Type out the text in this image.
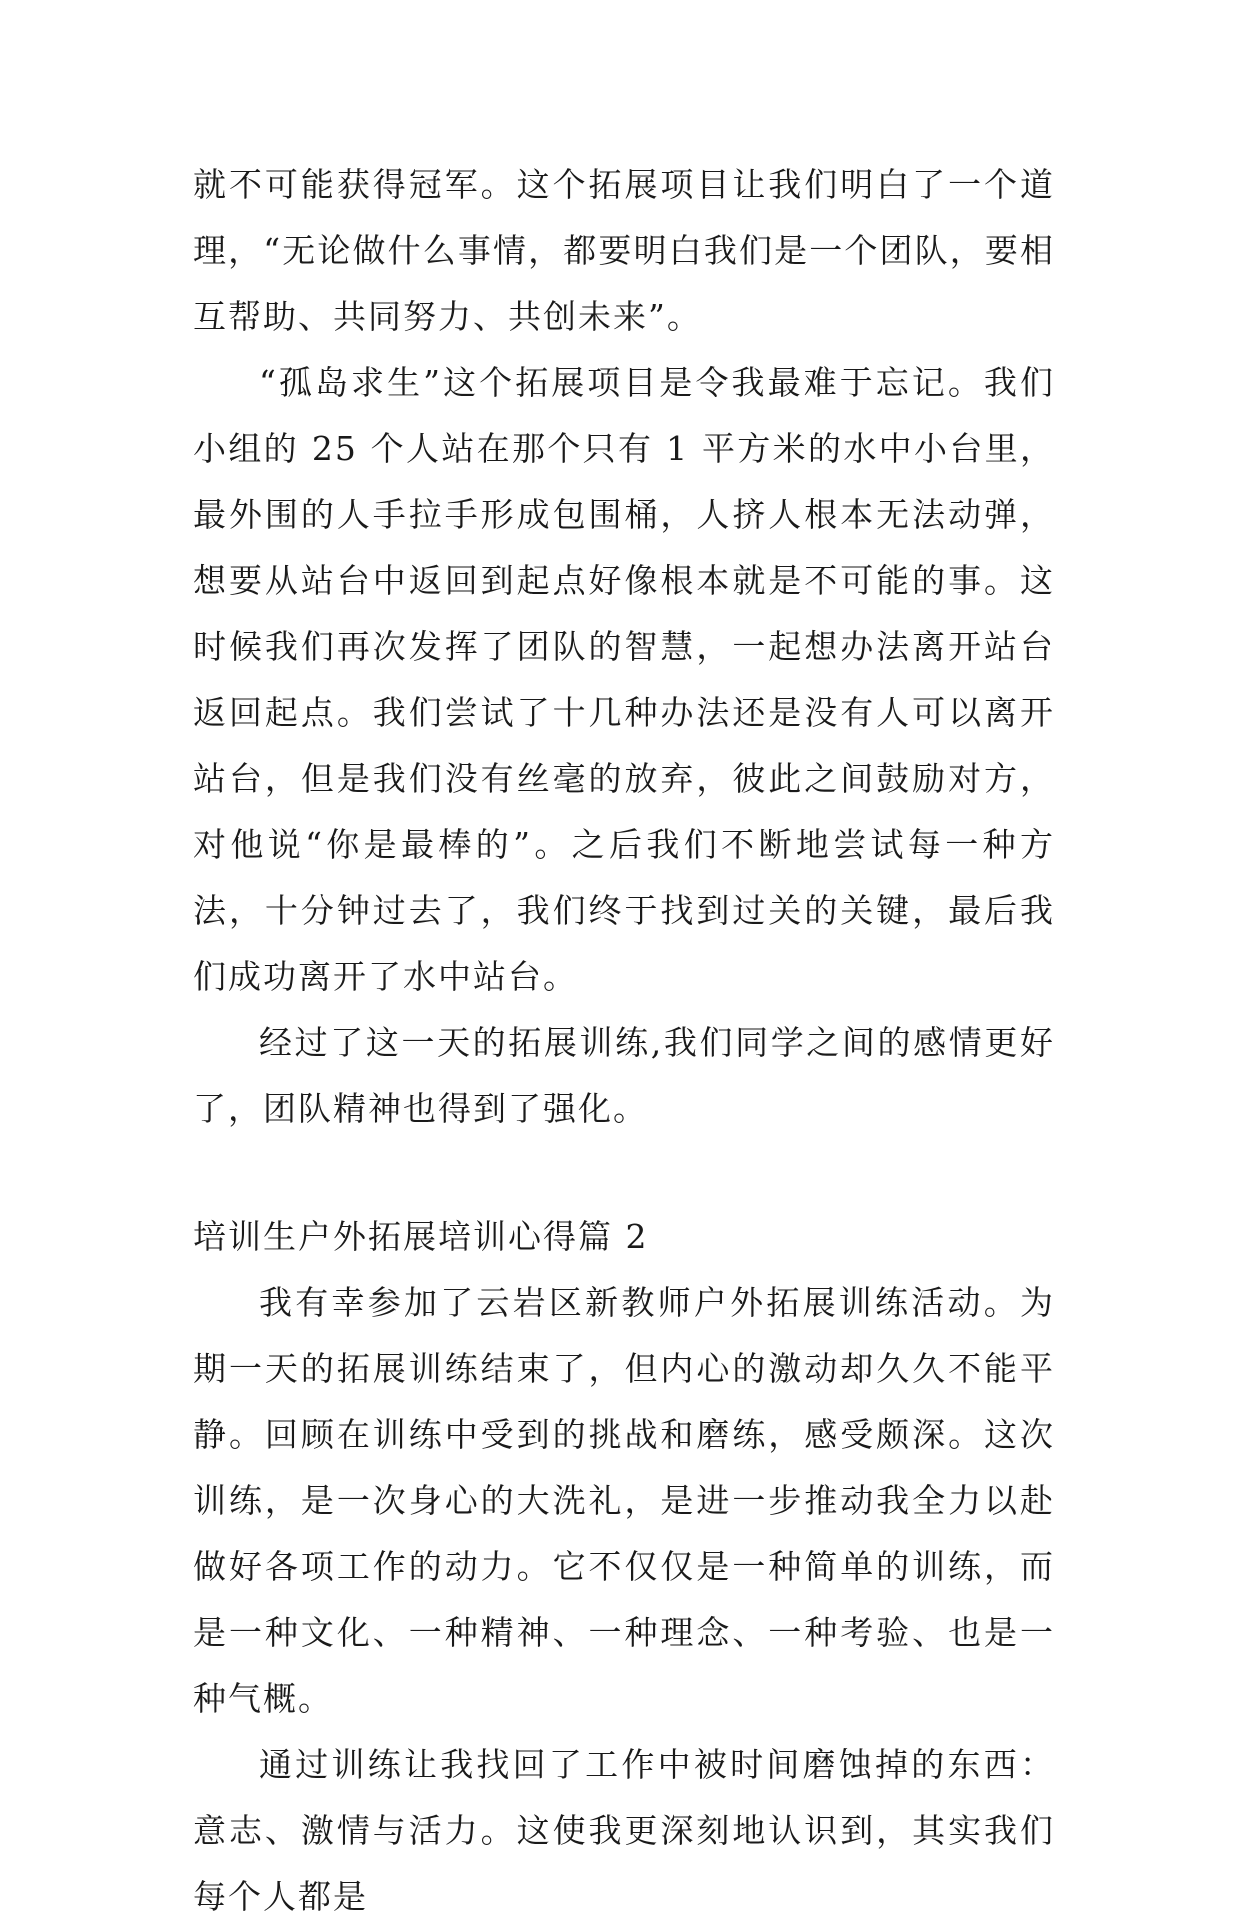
就不可能获得冠军。这个拓展项目让我们明白了一个道理，“无论做什么事情，都要明白我们是一个团队，要相互帮助、共同努力、共创未来”。

“孤岛求生”这个拓展项目是令我最难于忘记。我们小组的 25 个人站在那个只有 1 平方米的水中小台里，最外围的人手拉手形成包围桶，人挤人根本无法动弹，想要从站台中返回到起点好像根本就是不可能的事。这时候我们再次发挥了团队的智慧，一起想办法离开站台返回起点。我们尝试了十几种办法还是没有人可以离开站台，但是我们没有丝毫的放弃，彼此之间鼓励对方，对他说“你是最棒的”。之后我们不断地尝试每一种方法，十分钟过去了，我们终于找到过关的关键，最后我们成功离开了水中站台。

经过了这一天的拓展训练,我们同学之间的感情更好了，团队精神也得到了强化。

培训生户外拓展培训心得篇 2

我有幸参加了云岩区新教师户外拓展训练活动。为期一天的拓展训练结束了，但内心的激动却久久不能平静。回顾在训练中受到的挑战和磨练，感受颇深。这次训练，是一次身心的大洗礼，是进一步推动我全力以赴做好各项工作的动力。它不仅仅是一种简单的训练，而是一种文化、一种精神、一种理念、一种考验、也是一种气概。

通过训练让我找回了工作中被时间磨蚀掉的东西：意志、激情与活力。这使我更深刻地认识到，其实我们每个人都是
